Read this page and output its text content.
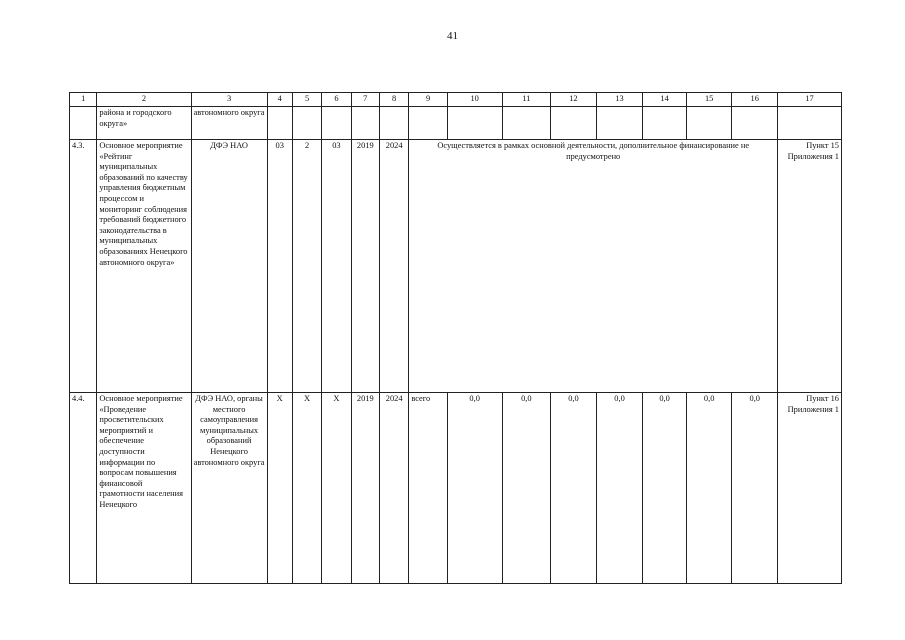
41
1	2	3	4	5	6	7	8	9	10	11	12	13	14	15	16	17
	района и городского округа»	автономного округа														
4.3.	Основное мероприятие «Рейтинг муниципальных образований по качеству управления бюджетным процессом и мониторинг соблюдения требований бюджетного законодательства в муниципальных образованиях Ненецкого автономного округа»	ДФЭ НАО	03	2	03	2019	2024	Осуществляется в рамках основной деятельности, дополнительное финансирование не предусмотрено								Пункт 15 Приложения 1
4.4.	Основное мероприятие «Проведение просветительских мероприятий и обеспечение доступности информации по вопросам повышения финансовой грамотности населения Ненецкого	ДФЭ НАО, органы местного самоуправления муниципальных образований Ненецкого автономного округа	Х	Х	Х	2019	2024	всего	0,0	0,0	0,0	0,0	0,0	0,0	0,0	Пункт 16 Приложения 1
